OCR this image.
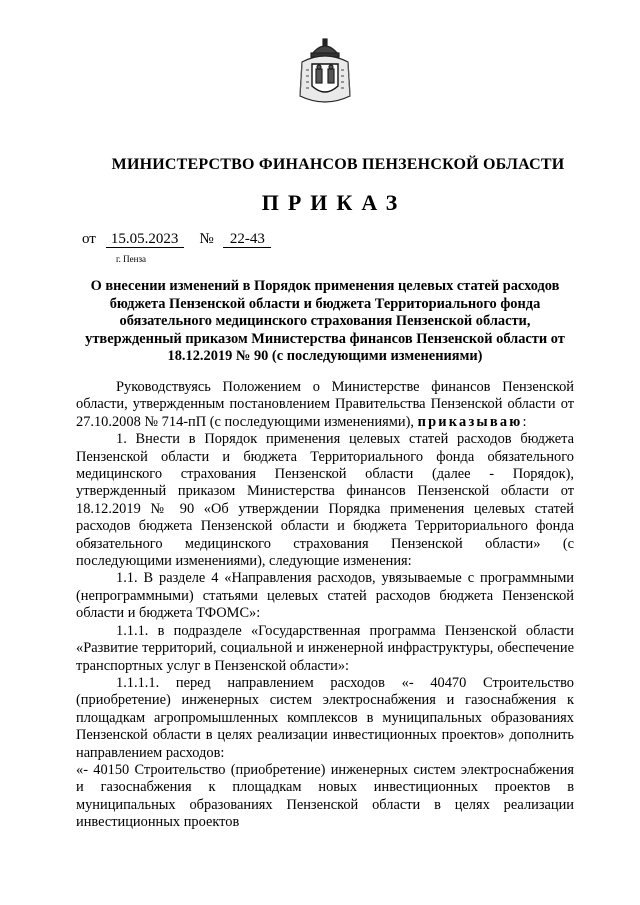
МИНИСТЕРСТВО ФИНАНСОВ ПЕНЗЕНСКОЙ ОБЛАСТИ
ПРИКАЗ
от 15.05.2023 № 22-43
г. Пенза
О внесении изменений в Порядок применения целевых статей расходов бюджета Пензенской области и бюджета Территориального фонда обязательного медицинского страхования Пензенской области, утвержденный приказом Министерства финансов Пензенской области от 18.12.2019 № 90 (с последующими изменениями)

Руководствуясь Положением о Министерстве финансов Пензенской области, утвержденным постановлением Правительства Пензенской области от 27.10.2008 № 714-пП (с последующими изменениями), приказываю:

1. Внести в Порядок применения целевых статей расходов бюджета Пензенской области и бюджета Территориального фонда обязательного медицинского страхования Пензенской области (далее - Порядок), утвержденный приказом Министерства финансов Пензенской области от 18.12.2019 № 90 «Об утверждении Порядка применения целевых статей расходов бюджета Пензенской области и бюджета Территориального фонда обязательного медицинского страхования Пензенской области» (с последующими изменениями), следующие изменения:

1.1. В разделе 4 «Направления расходов, увязываемые с программными (непрограммными) статьями целевых статей расходов бюджета Пензенской области и бюджета ТФОМС»:

1.1.1. в подразделе «Государственная программа Пензенской области «Развитие территорий, социальной и инженерной инфраструктуры, обеспечение транспортных услуг в Пензенской области»:

1.1.1.1. перед направлением расходов «- 40470 Строительство (приобретение) инженерных систем электроснабжения и газоснабжения к площадкам агропромышленных комплексов в муниципальных образованиях Пензенской области в целях реализации инвестиционных проектов» дополнить направлением расходов:

«- 40150 Строительство (приобретение) инженерных систем электроснабжения и газоснабжения к площадкам новых инвестиционных проектов в муниципальных образованиях Пензенской области в целях реализации инвестиционных проектов
